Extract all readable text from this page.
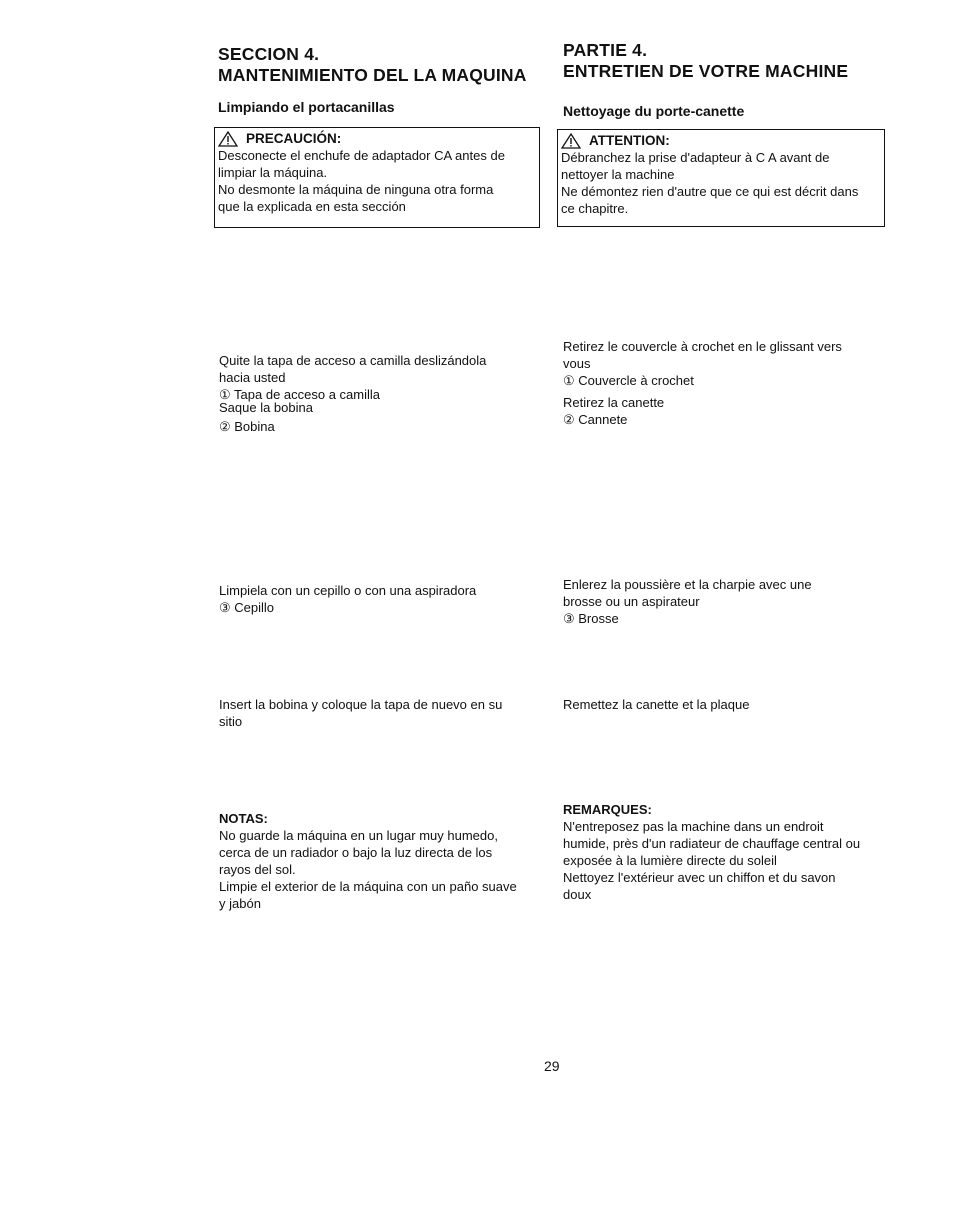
SECCION 4.
MANTENIMIENTO DEL LA MAQUINA
Limpiando el portacanillas
PRECAUCIÓN:
Desconecte el enchufe de adaptador CA antes de
limpiar la máquina.
No desmonte la máquina de ninguna otra forma
que la explicada en esta sección
Quite la tapa de acceso a camilla deslizándola
hacia usted
① Tapa de acceso a camilla
Saque la bobina
② Bobina
Limpiela con un cepillo o con una aspiradora
③ Cepillo
Insert la bobina y coloque la tapa de nuevo en su
sitio
NOTAS:
No guarde la máquina en un lugar muy humedo,
cerca de un radiador o bajo la luz directa de los
rayos del sol.
Limpie el exterior de la máquina con un paño suave
y jabón
PARTIE 4.
ENTRETIEN DE VOTRE MACHINE
Nettoyage du porte-canette
ATTENTION:
Débranchez la prise d'adapteur à C A avant de
nettoyer la machine
Ne démontez rien d'autre que ce qui est décrit dans
ce chapitre.
Retirez le couvercle à crochet en le glissant vers
vous
① Couvercle à crochet
Retirez la canette
② Cannete
Enlerez la poussière et la charpie avec une
brosse ou un aspirateur
③ Brosse
Remettez la canette et la plaque
REMARQUES:
N'entreposez pas la machine dans un endroit
humide, près d'un radiateur de chauffage central ou
exposée à la lumière directe du soleil
Nettoyez l'extérieur avec un chiffon et du savon
doux
29
